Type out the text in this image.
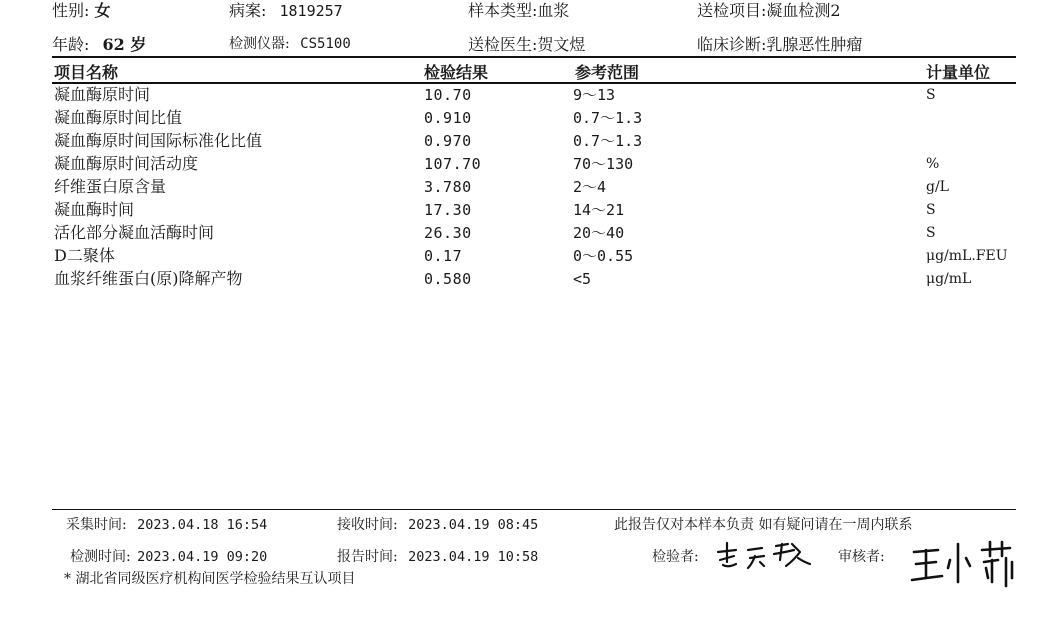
性别: 女	病案: 1819257	样本类型:血浆	送检项目:凝血检测2
年龄: 62 岁	检测仪器: CS5100	送检医生:贺文煜	临床诊断:乳腺恶性肿瘤
项目名称	检验结果	参考范围	计量单位
凝血酶原时间	10.70	9～13	S
凝血酶原时间比值	0.910	0.7～1.3
凝血酶原时间国际标准化比值	0.970	0.7～1.3
凝血酶原时间活动度	107.70	70～130	%
纤维蛋白原含量	3.780	2～4	g/L
凝血酶时间	17.30	14～21	S
活化部分凝血活酶时间	26.30	20～40	S
D二聚体	0.17	0～0.55	μg/mL.FEU
血浆纤维蛋白(原)降解产物	0.580	<5	μg/mL
采集时间: 2023.04.18 16:54	接收时间: 2023.04.19 08:45	此报告仅对本样本负责 如有疑问请在一周内联系
检测时间: 2023.04.19 09:20	报告时间: 2023.04.19 10:58	检验者:	审核者:
* 湖北省同级医疗机构间医学检验结果互认项目
